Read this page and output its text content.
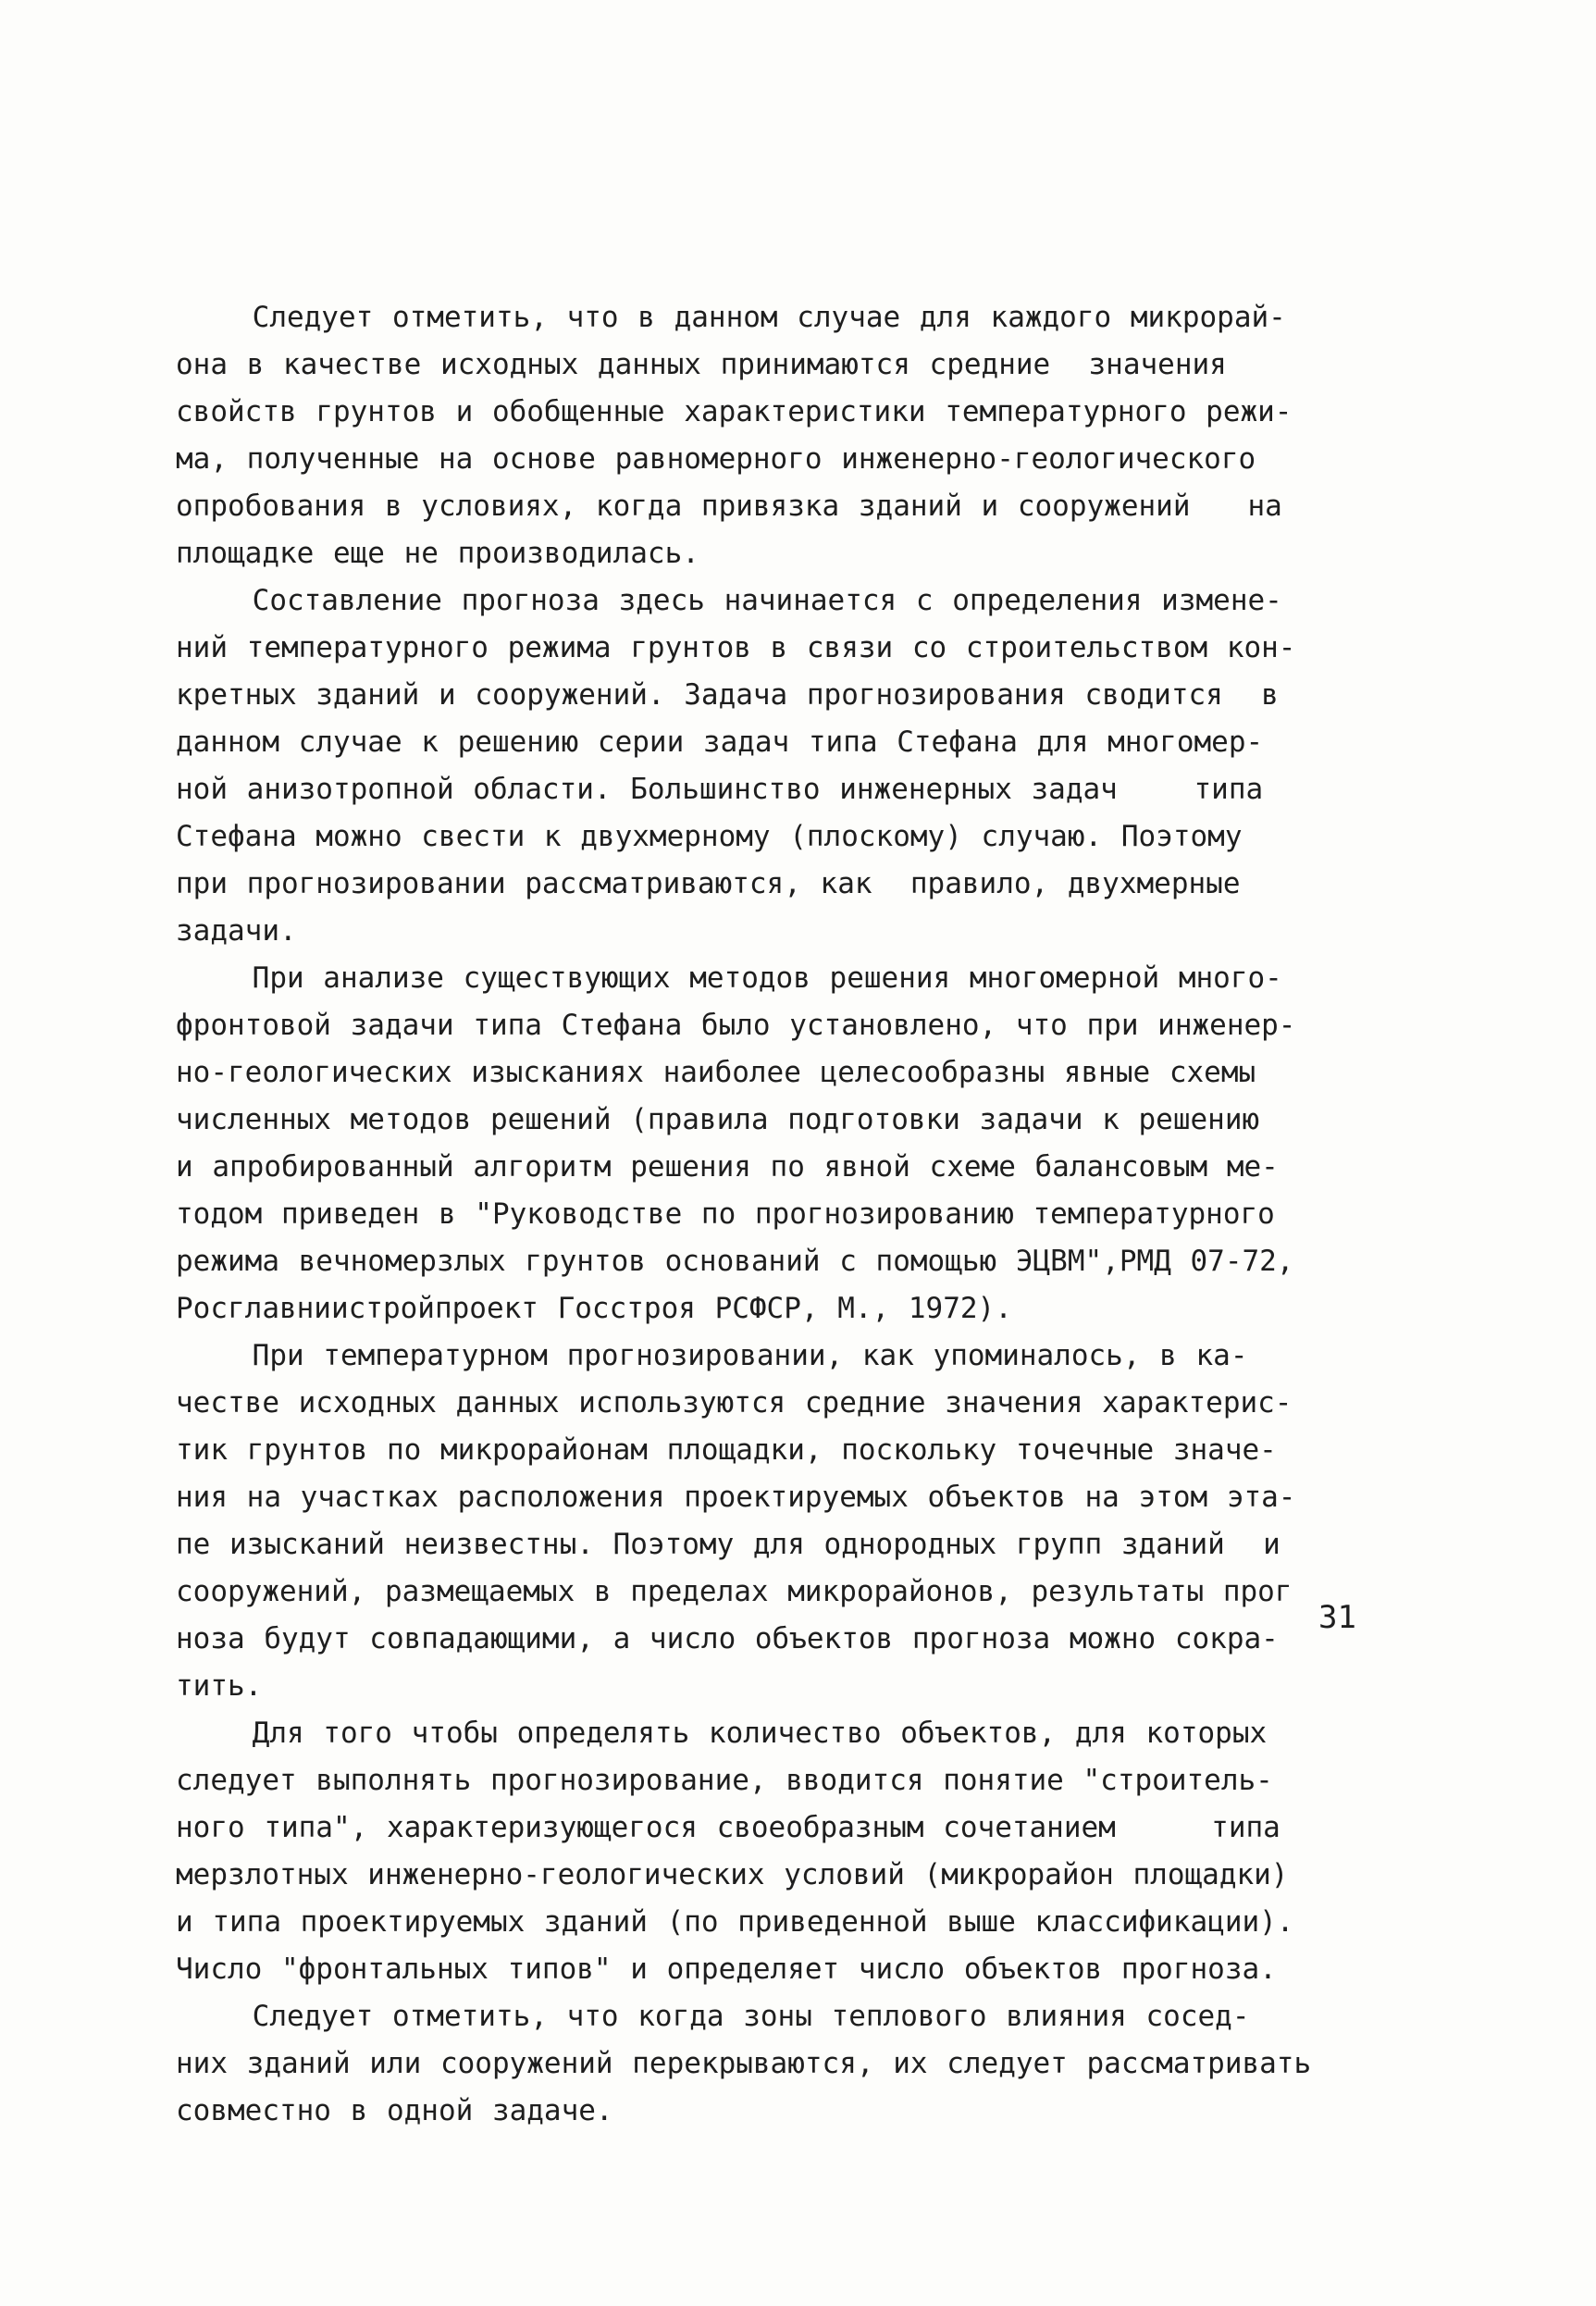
Следует отметить, что в данном случае для каждого микрорай-
она в качестве исходных данных принимаются средние  значения
свойств грунтов и обобщенные характеристики температурного режи-
ма, полученные на основе равномерного инженерно-геологического
опробования в условиях, когда привязка зданий и сооружений   на
площадке еще не производилась.
Составление прогноза здесь начинается с определения измене-
ний температурного режима грунтов в связи со строительством кон-
кретных зданий и сооружений. Задача прогнозирования сводится  в
данном случае к решению серии задач типа Стефана для многомер-
ной анизотропной области. Большинство инженерных задач    типа
Стефана можно свести к двухмерному (плоскому) случаю. Поэтому
при прогнозировании рассматриваются, как  правило, двухмерные
задачи.
При анализе существующих методов решения многомерной много-
фронтовой задачи типа Стефана было установлено, что при инженер-
но-геологических изысканиях наиболее целесообразны явные схемы
численных методов решений (правила подготовки задачи к решению
и апробированный алгоритм решения по явной схеме балансовым ме-
тодом приведен в "Руководстве по прогнозированию температурного
режима вечномерзлых грунтов оснований с помощью ЭЦВМ",РМД 07-72,
Росглавниистройпроект Госстроя РСФСР, М., 1972).
При температурном прогнозировании, как упоминалось, в ка-
честве исходных данных используются средние значения характерис-
тик грунтов по микрорайонам площадки, поскольку точечные значе-
ния на участках расположения проектируемых объектов на этом эта-
пе изысканий неизвестны. Поэтому для однородных групп зданий  и
сооружений, размещаемых в пределах микрорайонов, результаты прог
ноза будут совпадающими, а число объектов прогноза можно сокра-
тить.
Для того чтобы определять количество объектов, для которых
следует выполнять прогнозирование, вводится понятие "строитель-
ного типа", характеризующегося своеобразным сочетанием     типа
мерзлотных инженерно-геологических условий (микрорайон площадки)
и типа проектируемых зданий (по приведенной выше классификации).
Число "фронтальных типов" и определяет число объектов прогноза.
Следует отметить, что когда зоны теплового влияния сосед-
них зданий или сооружений перекрываются, их следует рассматривать
совместно в одной задаче.
31
